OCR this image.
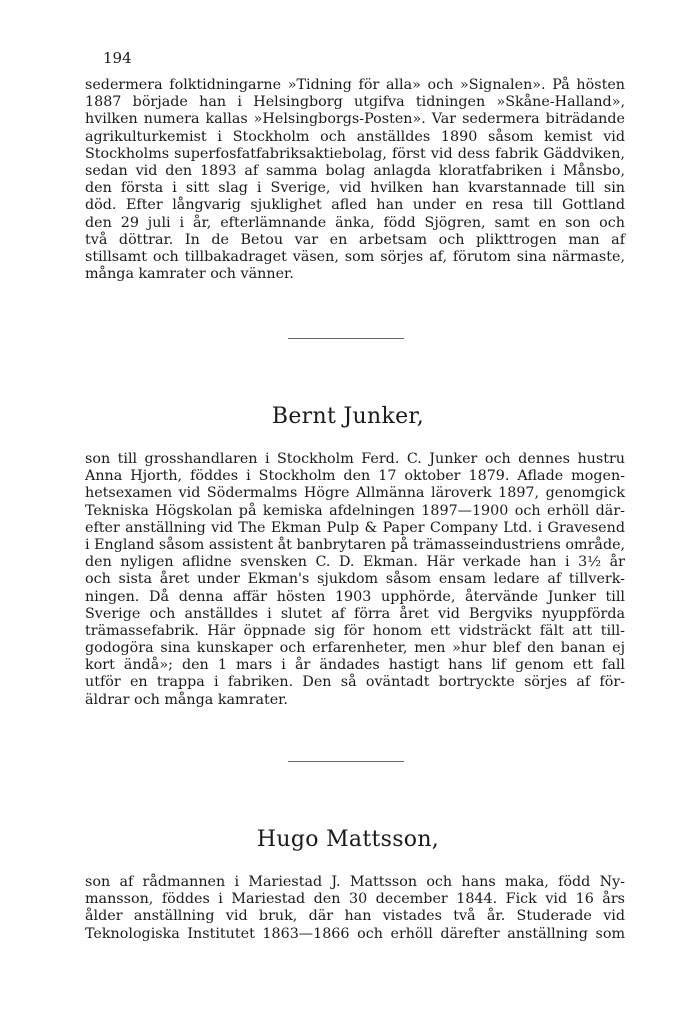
194
sedermera folktidningarne »Tidning för alla» och »Signalen». På hösten
1887 började han i Helsingborg utgifva tidningen »Skåne-Halland»,
hvilken numera kallas »Helsingborgs-Posten». Var sedermera biträdande
agrikulturkemist i Stockholm och anställdes 1890 såsom kemist vid
Stockholms superfosfatfabriksaktiebolag, först vid dess fabrik Gäddviken,
sedan vid den 1893 af samma bolag anlagda kloratfabriken i Månsbo,
den första i sitt slag i Sverige, vid hvilken han kvarstannade till sin
död. Efter långvarig sjuklighet afled han under en resa till Gottland
den 29 juli i år, efterlämnande änka, född Sjögren, samt en son och
två döttrar. In de Betou var en arbetsam och plikttrogen man af
stillsamt och tillbakadraget väsen, som sörjes af, förutom sina närmaste,
många kamrater och vänner.
Bernt Junker,
son till grosshandlaren i Stockholm Ferd. C. Junker och dennes hustru
Anna Hjorth, föddes i Stockholm den 17 oktober 1879. Aflade mogen-
hetsexamen vid Södermalms Högre Allmänna läroverk 1897, genomgick
Tekniska Högskolan på kemiska afdelningen 1897—1900 och erhöll där-
efter anställning vid The Ekman Pulp & Paper Company Ltd. i Gravesend
i England såsom assistent åt banbrytaren på trämasseindustriens område,
den nyligen aflidne svensken C. D. Ekman. Här verkade han i 3½ år
och sista året under Ekman's sjukdom såsom ensam ledare af tillverk-
ningen. Då denna affär hösten 1903 upphörde, återvände Junker till
Sverige och anställdes i slutet af förra året vid Bergviks nyuppförda
trämassefabrik. Här öppnade sig för honom ett vidsträckt fält att till-
godogöra sina kunskaper och erfarenheter, men »hur blef den banan ej
kort ändå»; den 1 mars i år ändades hastigt hans lif genom ett fall
utför en trappa i fabriken. Den så oväntadt bortryckte sörjes af för-
äldrar och många kamrater.
Hugo Mattsson,
son af rådmannen i Mariestad J. Mattsson och hans maka, född Ny-
mansson, föddes i Mariestad den 30 december 1844. Fick vid 16 års
ålder anställning vid bruk, där han vistades två år. Studerade vid
Teknologiska Institutet 1863—1866 och erhöll därefter anställning som
